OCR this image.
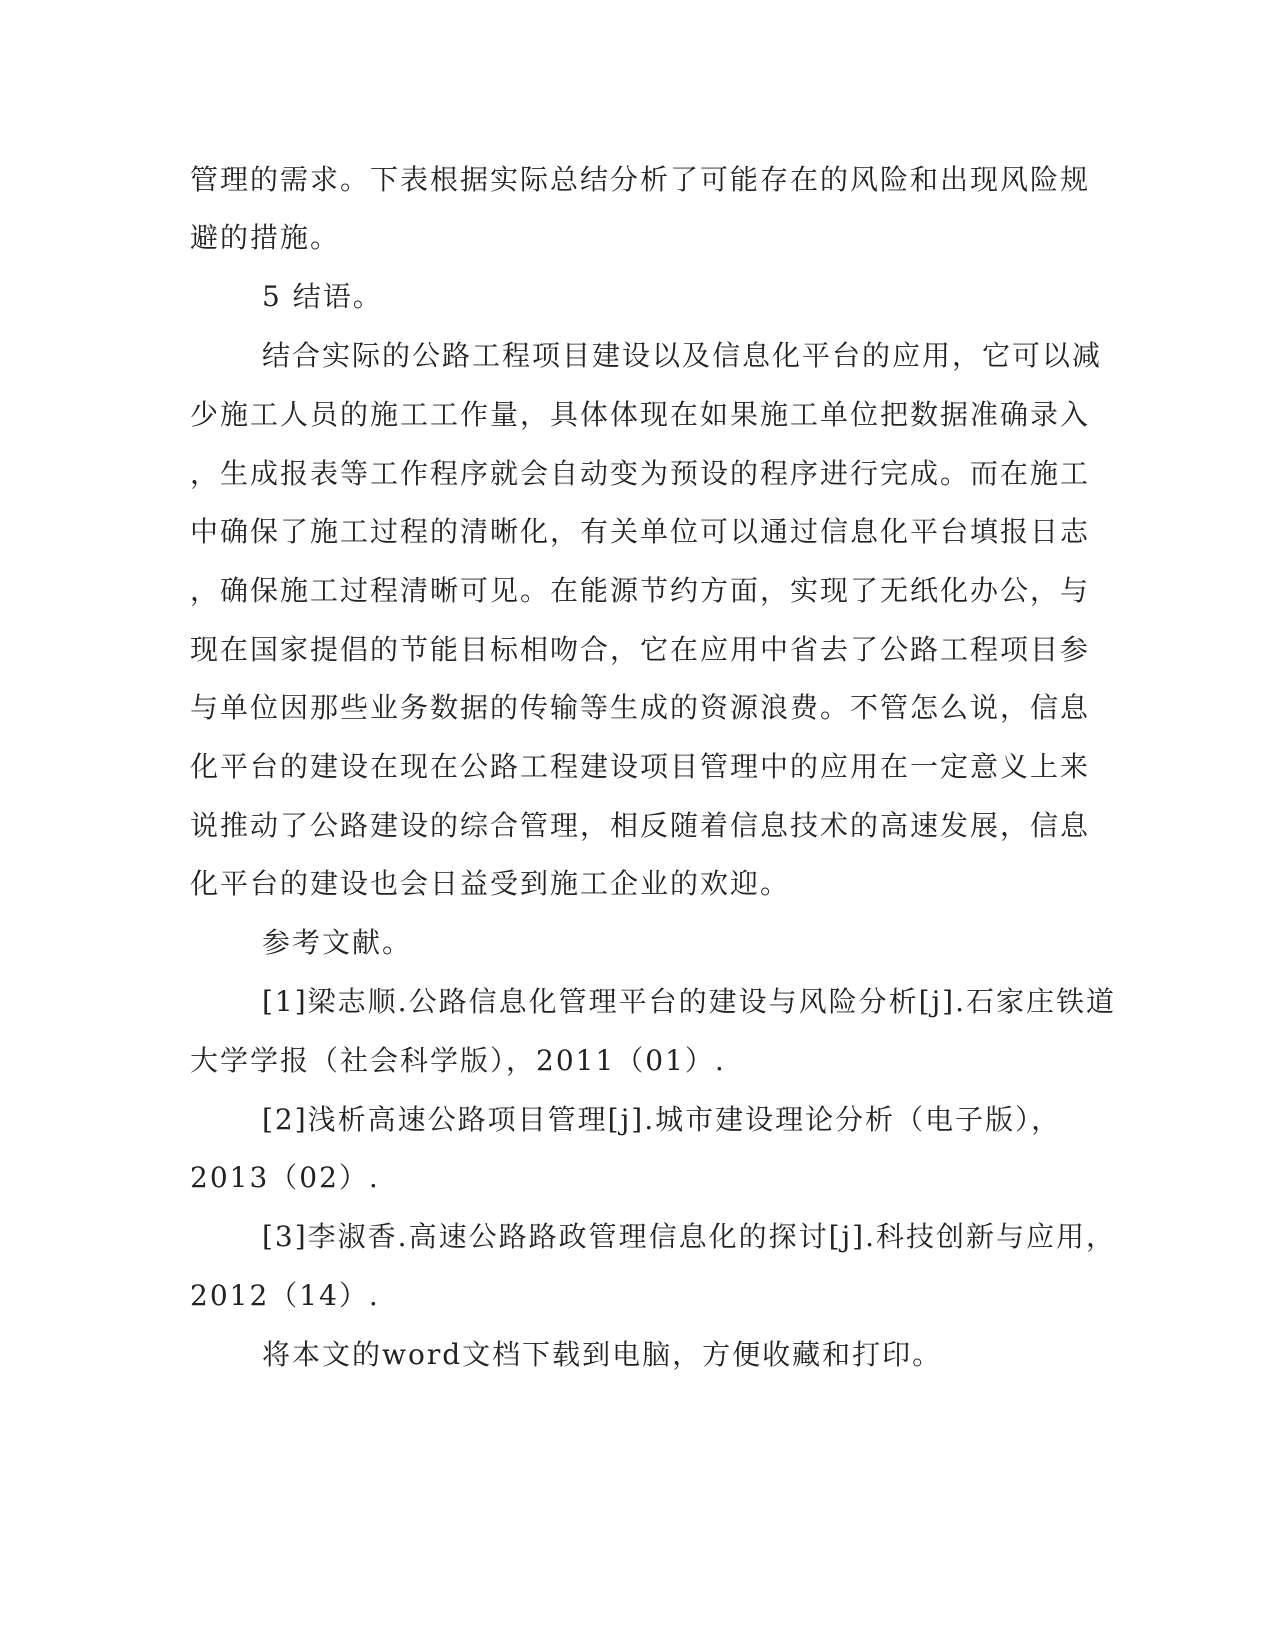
管理的需求。下表根据实际总结分析了可能存在的风险和出现风险规
避的措施。
5 结语。
结合实际的公路工程项目建设以及信息化平台的应用，它可以减
少施工人员的施工工作量，具体体现在如果施工单位把数据准确录入
，生成报表等工作程序就会自动变为预设的程序进行完成。而在施工
中确保了施工过程的清晰化，有关单位可以通过信息化平台填报日志
，确保施工过程清晰可见。在能源节约方面，实现了无纸化办公，与
现在国家提倡的节能目标相吻合，它在应用中省去了公路工程项目参
与单位因那些业务数据的传输等生成的资源浪费。不管怎么说，信息
化平台的建设在现在公路工程建设项目管理中的应用在一定意义上来
说推动了公路建设的综合管理，相反随着信息技术的高速发展，信息
化平台的建设也会日益受到施工企业的欢迎。
参考文献。
[1]梁志顺.公路信息化管理平台的建设与风险分析[j].石家庄铁道
大学学报（社会科学版），2011（01）.
[2]浅析高速公路项目管理[j].城市建设理论分析（电子版），
2013（02）.
[3]李淑香.高速公路路政管理信息化的探讨[j].科技创新与应用，
2012（14）.
将本文的word文档下载到电脑，方便收藏和打印。
